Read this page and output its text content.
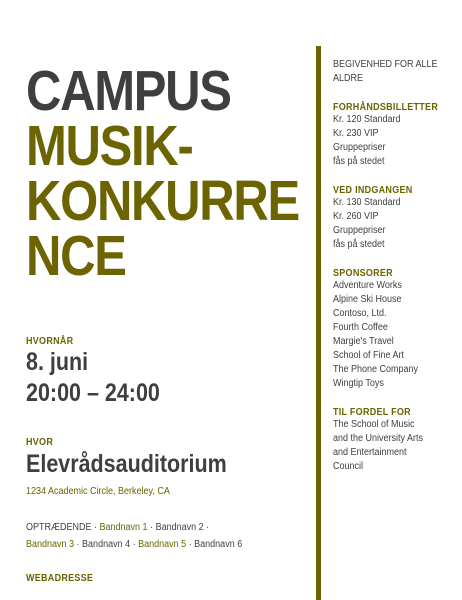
CAMPUS
MUSIK-
KONKURRE
NCE
HVORNÅR
8. juni
20:00 – 24:00
HVOR
Elevrådsauditorium
1234 Academic Circle, Berkeley, CA
OPTRÆDENDE · Bandnavn 1 · Bandnavn 2 · Bandnavn 3 · Bandnavn 4 · Bandnavn 5 · Bandnavn 6
WEBADRESSE
BEGIVENHED FOR ALLE ALDRE
FORHÅNDSBILLETTER
Kr. 120 Standard
Kr. 230 VIP
Gruppepriser
fås på stedet
VED INDGANGEN
Kr. 130 Standard
Kr. 260 VIP
Gruppepriser
fås på stedet
SPONSORER
Adventure Works
Alpine Ski House
Contoso, Ltd.
Fourth Coffee
Margie's Travel
School of Fine Art
The Phone Company
Wingtip Toys
TIL FORDEL FOR
The School of Music
and the University Arts
and Entertainment
Council
